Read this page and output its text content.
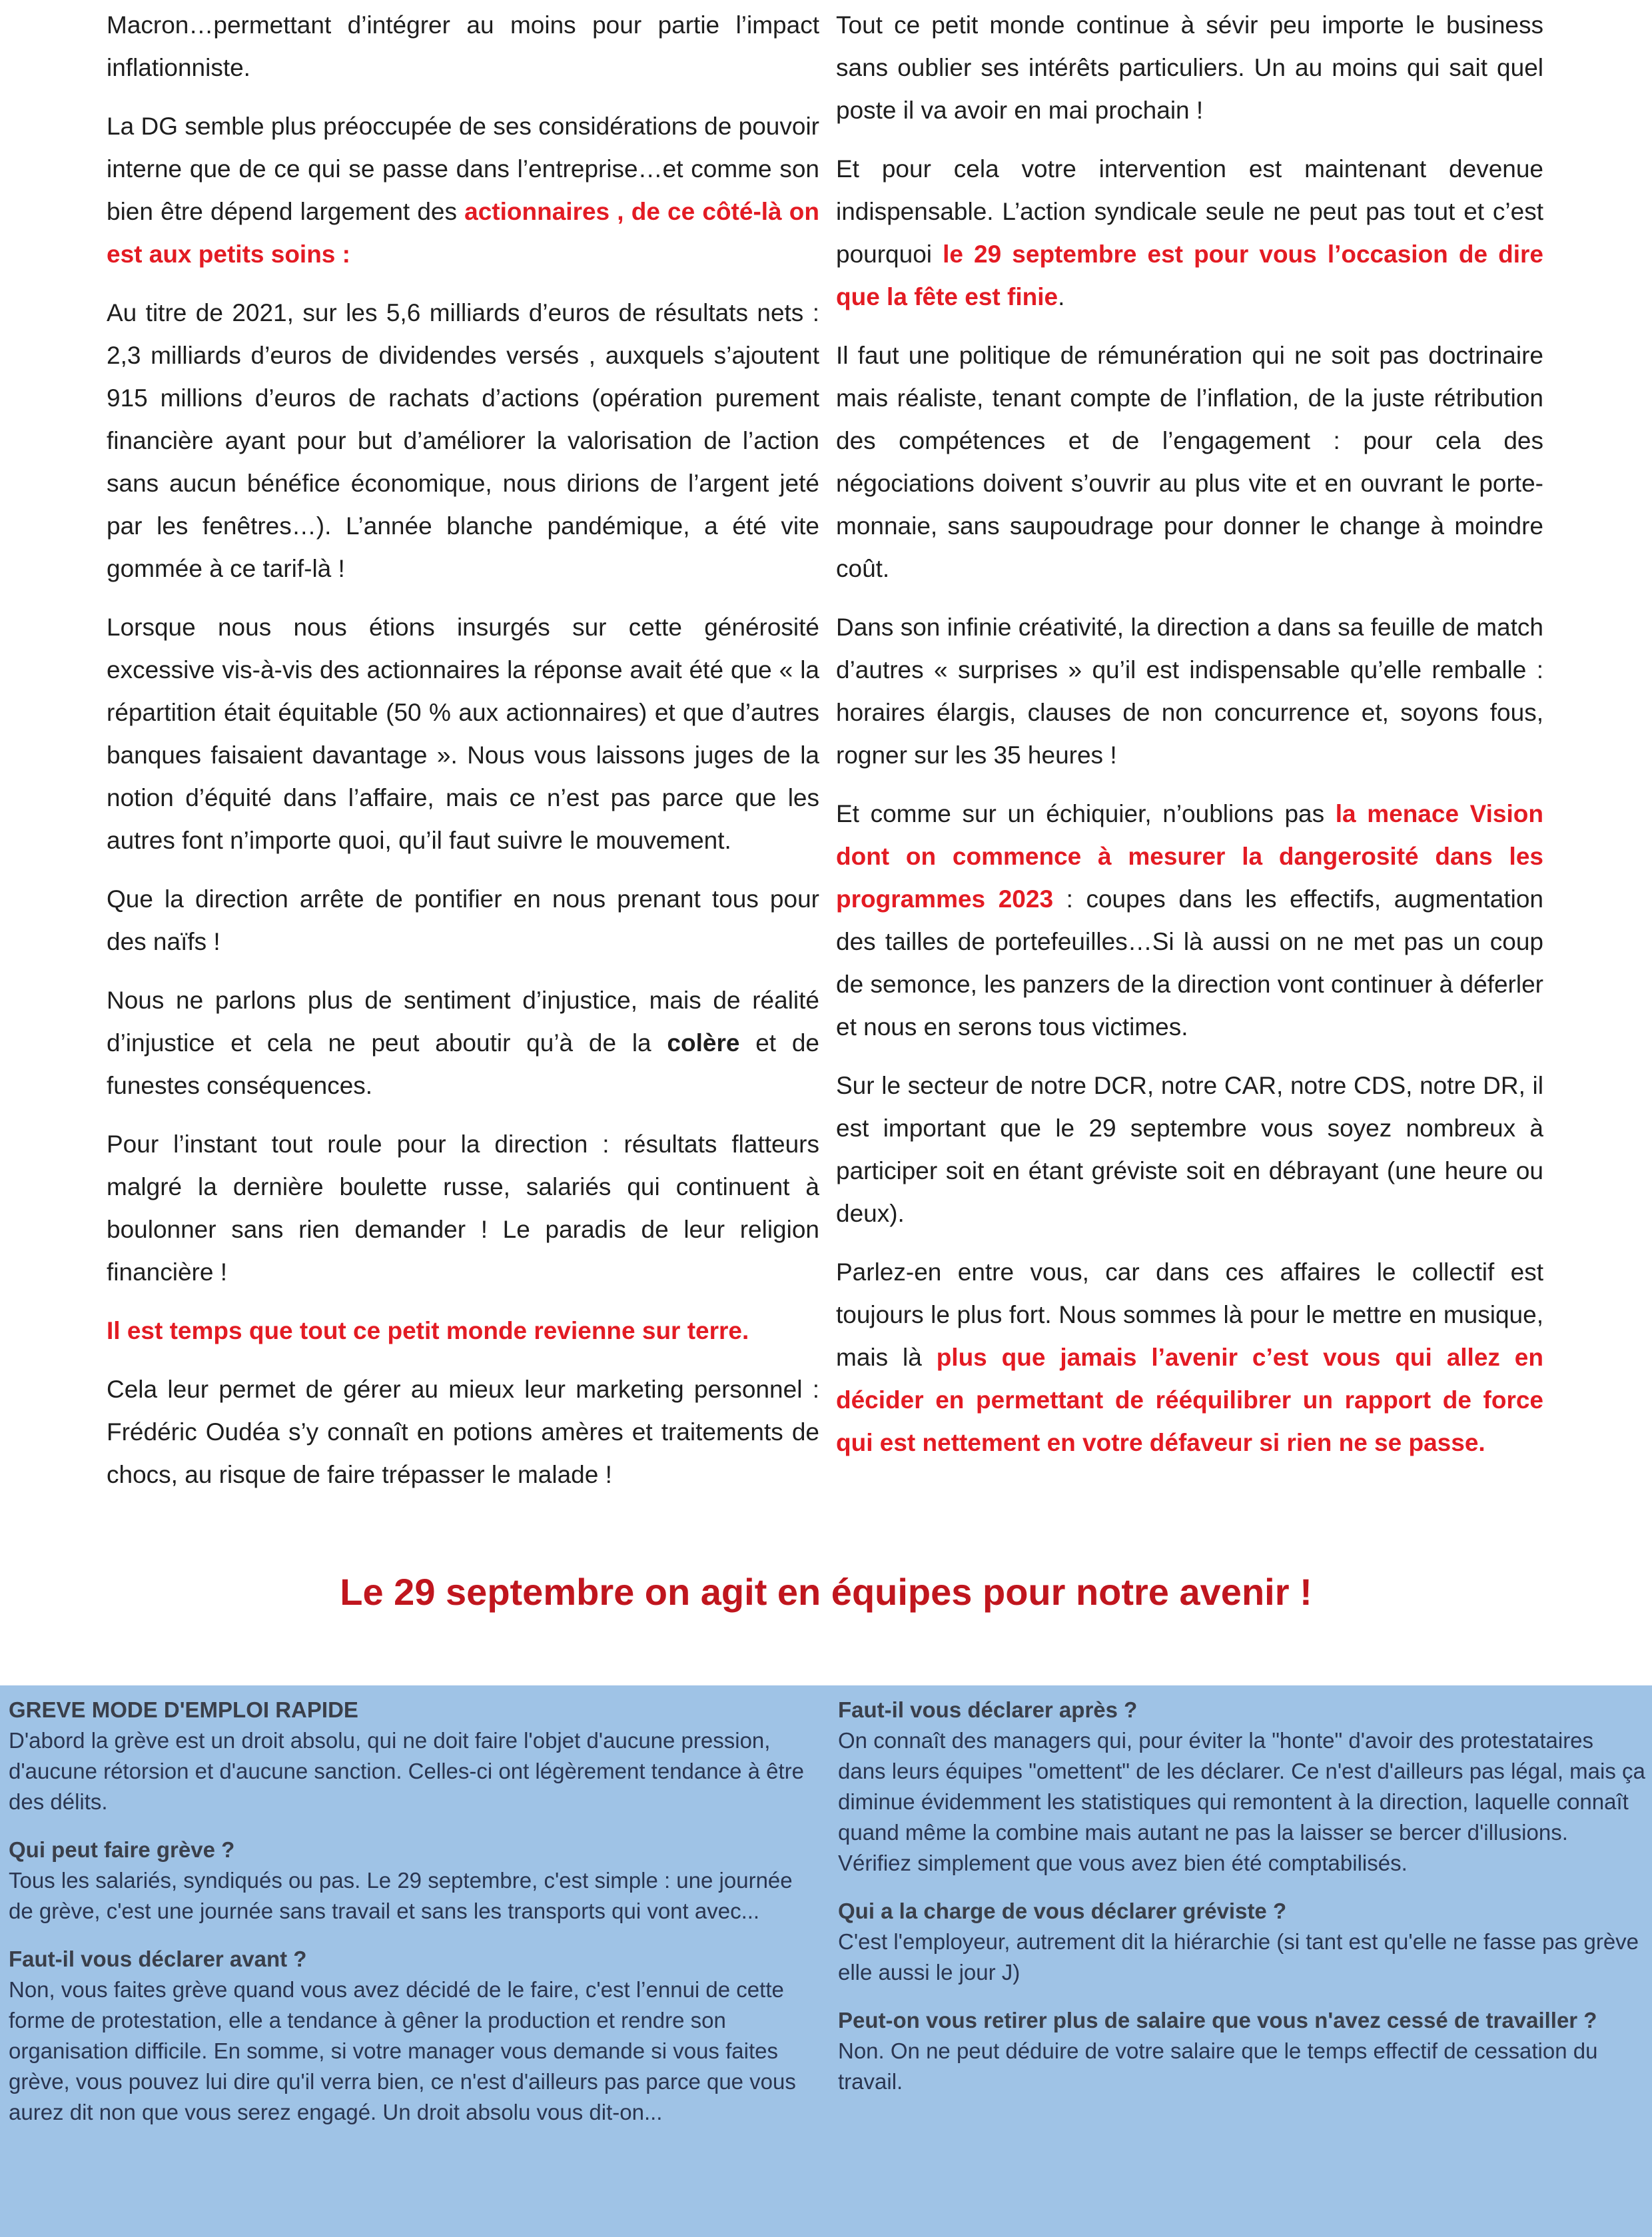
Macron…permettant d’intégrer au moins pour partie l’impact inflationniste.

La DG semble plus préoccupée de ses considérations de pouvoir interne que de ce qui se passe dans l’entreprise…et comme son bien être dépend largement des actionnaires , de ce côté-là on est aux petits soins :

Au titre de 2021, sur les 5,6 milliards d’euros de résultats nets : 2,3 milliards d’euros de dividendes versés , auxquels s’ajoutent 915 millions d’euros de rachats d’actions (opération purement financière ayant pour but d’améliorer la valorisation de l’action sans aucun bénéfice économique, nous dirions de l’argent jeté par les fenêtres…). L’année blanche pandémique, a été vite gommée à ce tarif-là !

Lorsque nous nous étions insurgés sur cette générosité excessive vis-à-vis des actionnaires la réponse avait été que « la répartition était équitable (50 % aux actionnaires) et que d’autres banques faisaient davantage ». Nous vous laissons juges de la notion d’équité dans l’affaire, mais ce n’est pas parce que les autres font n’importe quoi, qu’il faut suivre le mouvement.

Que la direction arrête de pontifier en nous prenant tous pour des naïfs !

Nous ne parlons plus de sentiment d’injustice, mais de réalité d’injustice et cela ne peut aboutir qu’à de la colère et de funestes conséquences.

Pour l’instant tout roule pour la direction : résultats flatteurs malgré la dernière boulette russe, salariés qui continuent à boulonner sans rien demander ! Le paradis de leur religion financière !

Il est temps que tout ce petit monde revienne sur terre.

Cela leur permet de gérer au mieux leur marketing personnel : Frédéric Oudéa s’y connaît en potions amères et traitements de chocs, au risque de faire trépasser le malade !

Tout ce petit monde continue à sévir peu importe le business sans oublier ses intérêts particuliers. Un au moins qui sait quel poste il va avoir en mai prochain !

Et pour cela votre intervention est maintenant devenue indispensable. L’action syndicale seule ne peut pas tout et c’est pourquoi le 29 septembre est pour vous l’occasion de dire que la fête est finie.

Il faut une politique de rémunération qui ne soit pas doctrinaire mais réaliste, tenant compte de l’inflation, de la juste rétribution des compétences et de l’engagement : pour cela des négociations doivent s’ouvrir au plus vite et en ouvrant le porte-monnaie, sans saupoudrage pour donner le change à moindre coût.

Dans son infinie créativité, la direction a dans sa feuille de match d’autres « surprises » qu’il est indispensable qu’elle remballe : horaires élargis, clauses de non concurrence et, soyons fous, rogner sur les 35 heures !

Et comme sur un échiquier, n’oublions pas la menace Vision dont on commence à mesurer la dangerosité dans les programmes 2023 : coupes dans les effectifs, augmentation des tailles de portefeuilles…Si là aussi on ne met pas un coup de semonce, les panzers de la direction vont continuer à déferler et nous en serons tous victimes.

Sur le secteur de notre DCR, notre CAR, notre CDS, notre DR, il est important que le 29 septembre vous soyez nombreux à participer soit en étant gréviste soit en débrayant (une heure ou deux).

Parlez-en entre vous, car dans ces affaires le collectif est toujours le plus fort. Nous sommes là pour le mettre en musique, mais là plus que jamais l’avenir c’est vous qui allez en décider en permettant de rééquilibrer un rapport de force qui est nettement en votre défaveur si rien ne se passe.

Le 29 septembre on agit en équipes pour notre avenir !
GREVE MODE D'EMPLOI RAPIDE

D'abord la grève est un droit absolu, qui ne doit faire l'objet d'aucune pression, d'aucune rétorsion et d'aucune sanction. Celles-ci ont légèrement tendance à être des délits.

Qui peut faire grève ?

Tous les salariés, syndiqués ou pas. Le 29 septembre, c'est simple : une journée de grève, c'est une journée sans travail et sans les transports qui vont avec...

Faut-il vous déclarer avant ?

Non, vous faites grève quand vous avez décidé de le faire, c'est l’ennui de cette forme de protestation, elle a tendance à gêner la production et rendre son organisation difficile. En somme, si votre manager vous demande si vous faites grève, vous pouvez lui dire qu'il verra bien, ce n'est d'ailleurs pas parce que vous aurez dit non que vous serez engagé. Un droit absolu vous dit-on...

Faut-il vous déclarer après ?

On connaît des managers qui, pour éviter la "honte" d'avoir des protestataires dans leurs équipes "omettent" de les déclarer. Ce n'est d'ailleurs pas légal, mais ça diminue évidemment les statistiques qui remontent à la direction, laquelle connaît quand même la combine mais autant ne pas la laisser se bercer d'illusions. Vérifiez simplement que vous avez bien été comptabilisés.

Qui a la charge de vous déclarer gréviste ?

C'est l'employeur, autrement dit la hiérarchie (si tant est qu'elle ne fasse pas grève elle aussi le jour J)

Peut-on vous retirer plus de salaire que vous n'avez cessé de travailler ?

Non. On ne peut déduire de votre salaire que le temps effectif de cessation du travail.
